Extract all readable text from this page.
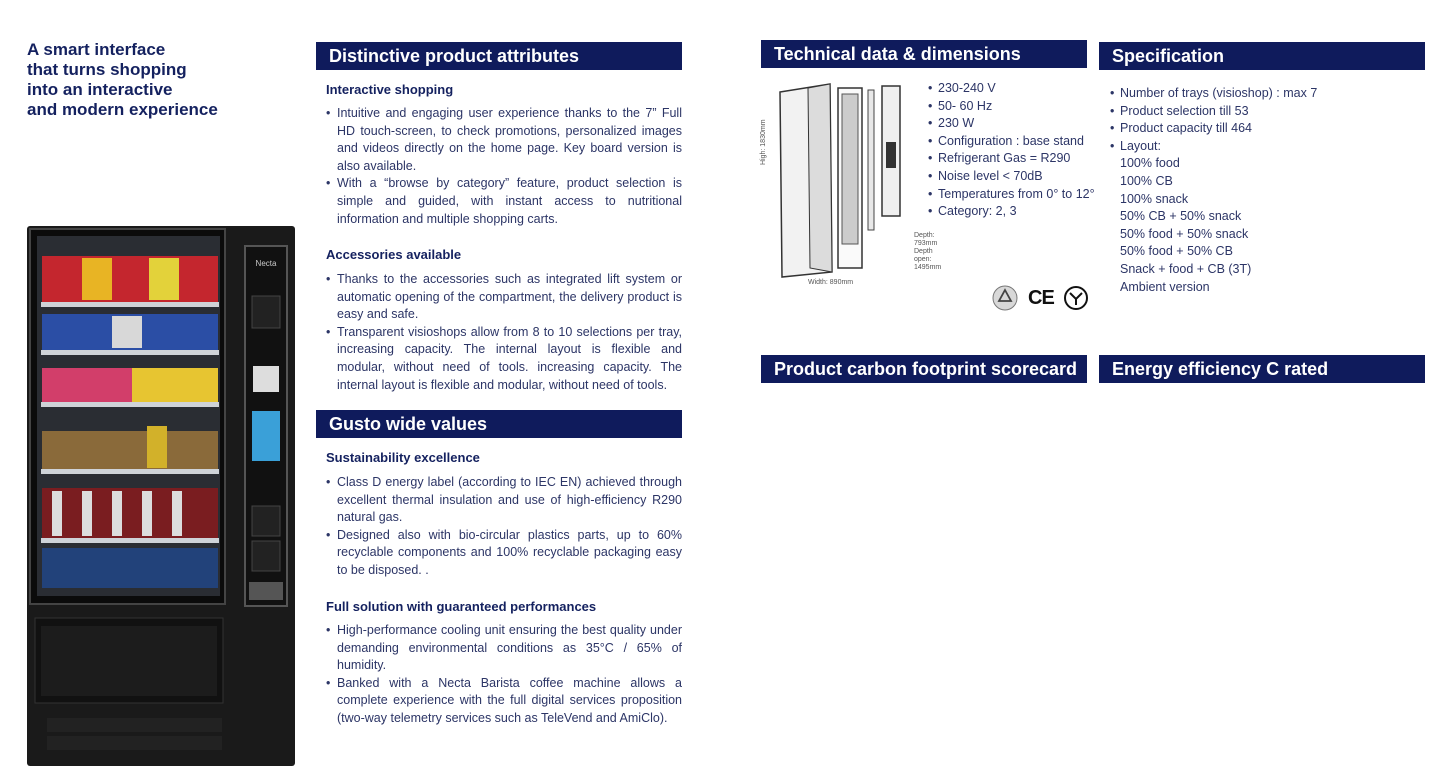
A smart interface
that turns shopping
into an interactive
and modern experience
Necta
Distinctive product attributes
Interactive shopping
• Intuitive and engaging user experience thanks to the 7” Full HD touch-screen, to check promotions, personalized images and videos directly on the home page. Key board version is also available.
• With a “browse by category” feature, product selection is simple and guided, with instant access to nutritional information and multiple shopping carts.
Accessories available
• Thanks to the accessories such as integrated lift system or automatic opening of the compartment, the delivery product is easy and safe.
• Transparent visioshops allow from 8 to 10 selections per tray, increasing capacity. The internal layout is flexible and modular, without need of tools. increasing capacity. The internal layout is flexible and modular, without need of tools.
Gusto wide values
Sustainability excellence
• Class D energy label (according to IEC EN) achieved through excellent thermal insulation and use of high-efficiency R290 natural gas.
• Designed also with bio-circular plastics parts, up to 60% recyclable components and 100% recyclable packaging easy to be disposed. .
Full solution with guaranteed performances
• High-performance cooling unit ensuring the best quality under demanding environmental conditions as 35°C / 65% of humidity.
• Banked with a Necta Barista coffee machine allows a complete experience with the full digital services proposition (two-way telemetry services such as TeleVend and AmiClo).
Technical data & dimensions
High: 1830mm
Width: 890mm
Depth:
793mm
Depth
open:
1495mm
• 230-240 V
• 50- 60 Hz
• 230 W
• Configuration : base stand
• Refrigerant Gas = R290
• Noise level < 70dB
• Temperatures from 0° to 12°
• Category: 2, 3
CE
Specification
• Number of trays (visioshop) : max 7
• Product selection till 53
• Product capacity till 464
• Layout:
100% food
100% CB
100% snack
50% CB + 50% snack
50% food + 50% snack
50% food + 50% CB
Snack + food + CB (3T)
Ambient version
Product carbon footprint scorecard	Energy efficiency C rated
